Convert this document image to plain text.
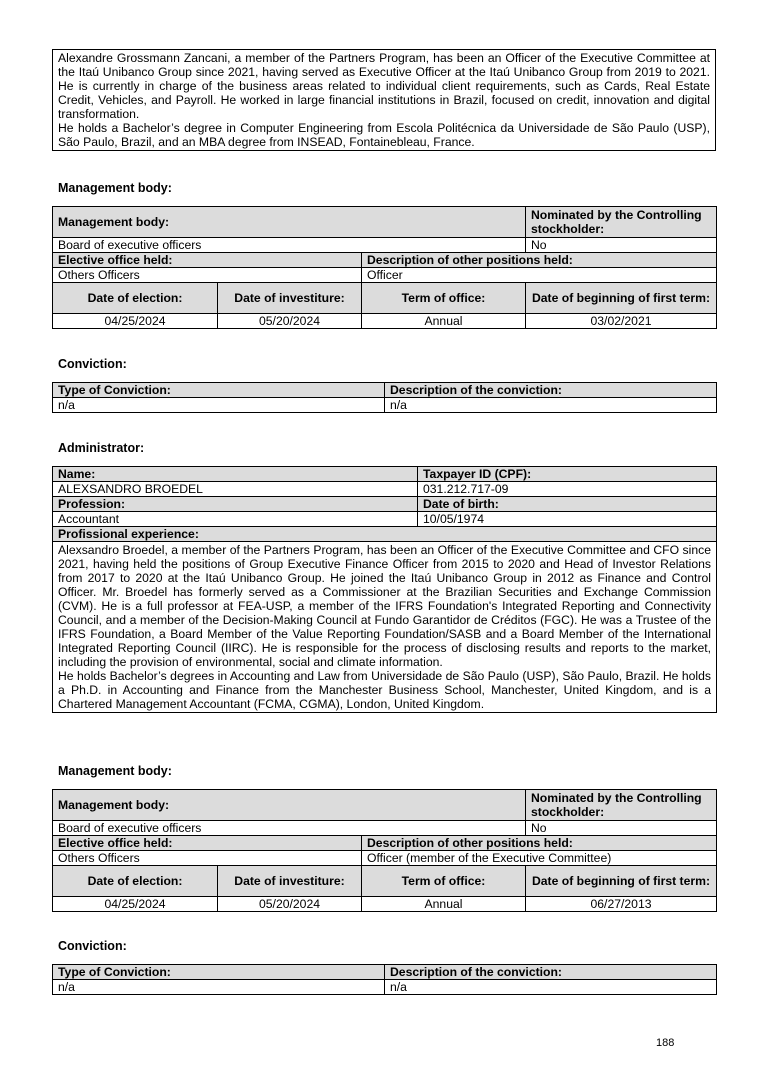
Alexandre Grossmann Zancani, a member of the Partners Program, has been an Officer of the Executive Committee at the Itaú Unibanco Group since 2021, having served as Executive Officer at the Itaú Unibanco Group from 2019 to 2021. He is currently in charge of the business areas related to individual client requirements, such as Cards, Real Estate Credit, Vehicles, and Payroll. He worked in large financial institutions in Brazil, focused on credit, innovation and digital transformation.
He holds a Bachelor’s degree in Computer Engineering from Escola Politécnica da Universidade de São Paulo (USP), São Paulo, Brazil, and an MBA degree from INSEAD, Fontainebleau, France.
Management body:
Management body:			Nominated by the Controlling stockholder:
Board of executive officers			No
Elective office held:		Description of other positions held:	
Others Officers		Officer	
Date of election:	Date of investiture:	Term of office:	Date of beginning of first term:
04/25/2024	05/20/2024	Annual	03/02/2021
Conviction:
Type of Conviction:	Description of the conviction:
n/a	n/a
Administrator:
Name:	Taxpayer ID (CPF):
ALEXSANDRO BROEDEL	031.212.717-09
Profession:	Date of birth:
Accountant	10/05/1974
Profissional experience:	

Alexsandro Broedel, a member of the Partners Program, has been an Officer of the Executive Committee and CFO since 2021, having held the positions of Group Executive Finance Officer from 2015 to 2020 and Head of Investor Relations from 2017 to 2020 at the Itaú Unibanco Group. He joined the Itaú Unibanco Group in 2012 as Finance and Control Officer. Mr. Broedel has formerly served as a Commissioner at the Brazilian Securities and Exchange Commission (CVM). He is a full professor at FEA-USP, a member of the IFRS Foundation's Integrated Reporting and Connectivity Council, and a member of the Decision-Making Council at Fundo Garantidor de Créditos (FGC). He was a Trustee of the IFRS Foundation, a Board Member of the Value Reporting Foundation/SASB and a Board Member of the International Integrated Reporting Council (IIRC). He is responsible for the process of disclosing results and reports to the market, including the provision of environmental, social and climate information.
He holds Bachelor’s degrees in Accounting and Law from Universidade de São Paulo (USP), São Paulo, Brazil. He holds a Ph.D. in Accounting and Finance from the Manchester Business School, Manchester, United Kingdom, and is a Chartered Management Accountant (FCMA, CGMA), London, United Kingdom.	
Management body:
Management body:			Nominated by the Controlling stockholder:
Board of executive officers			No
Elective office held:		Description of other positions held:	
Others Officers		Officer (member of the Executive Committee)	
Date of election:	Date of investiture:	Term of office:	Date of beginning of first term:
04/25/2024	05/20/2024	Annual	06/27/2013
Conviction:
Type of Conviction:	Description of the conviction:
n/a	n/a
188
